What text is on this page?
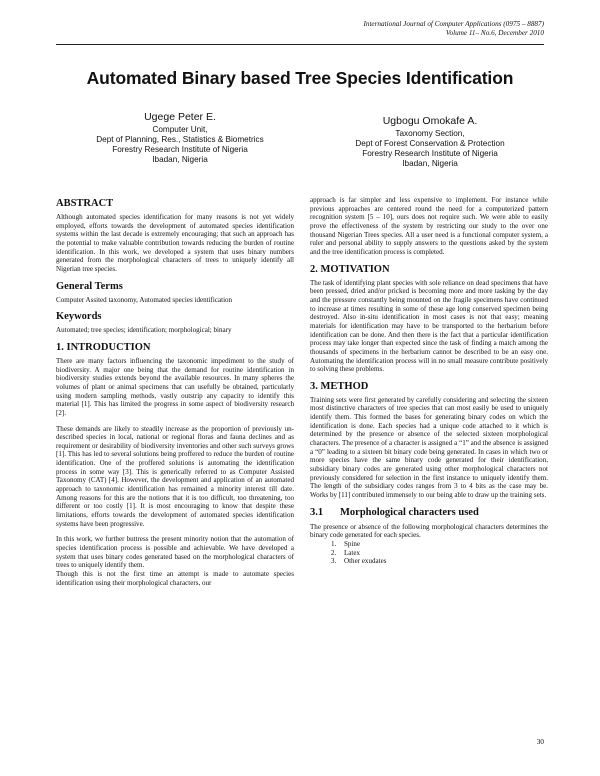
International Journal of Computer Applications (0975 – 8887)
Volume 11– No.6, December 2010
Automated Binary based Tree Species Identification
Ugege Peter E.
Computer Unit,
Dept of Planning, Res., Statistics & Biometrics
Forestry Research Institute of Nigeria
Ibadan, Nigeria
Ugbogu Omokafe A.
Taxonomy Section,
Dept of Forest Conservation & Protection
Forestry Research Institute of Nigeria
Ibadan, Nigeria
ABSTRACT

Although automated species identification for many reasons is not yet widely employed, efforts towards the development of automated species identification systems within the last decade is extremely encouraging; that such an approach has the potential to make valuable contribution towards reducing the burden of routine identification. In this work, we developed a system that uses binary numbers generated from the morphological characters of trees to uniquely identify all Nigerian tree species.

General Terms

Computer Assited taxonomy, Automated species identification

Keywords

Automated; tree species; identification; morphological; binary

1. INTRODUCTION

There are many factors influencing the taxonomic impediment to the study of biodiversity. A major one being that the demand for routine identification in biodiversity studies extends beyond the available resources. In many spheres the volumes of plant or animal specimens that can usefully be obtained, particularly using modern sampling methods, vastly outstrip any capacity to identify this material [1]. This has limited the progress in some aspect of biodiversity research [2].

These demands are likely to steadily increase as the proportion of previously un-described species in local, national or regional floras and fauna declines and as requirement or desirability of biodiversity inventories and other such surveys grows [1]. This has led to several solutions being proffered to reduce the burden of routine identification. One of the proffered solutions is automating the identification process in some way [3]. This is generically referred to as Computer Assisted Taxonomy (CAT) [4]. However, the development and application of an automated approach to taxonomic identification has remained a minority interest till date. Among reasons for this are the notions that it is too difficult, too threatening, too different or too costly [1]. It is most encouraging to know that despite these limitations, efforts towards the development of automated species identification systems have been progressive.

In this work, we further buttress the present minority notion that the automation of species identification process is possible and achievable. We have developed a system that uses binary codes generated based on the morphological characters of trees to uniquely identify them.

Though this is not the first time an attempt is made to automate species identification using their morphological characters, our

approach is far simpler and less expensive to implement. For instance while previous approaches are centered round the need for a computerized pattern recognition system [5 – 10], ours does not require such. We were able to easily prove the effectiveness of the system by restricting our study to the over one thousand Nigerian Trees species. All a user need is a functional computer system, a ruler and personal ability to supply answers to the questions asked by the system and the tree identification process is completed.

2. MOTIVATION

The task of identifying plant species with sole reliance on dead specimens that have been pressed, dried and/or pricked is becoming more and more tasking by the day and the pressure constantly being mounted on the fragile specimens have continued to increase at times resulting in some of these age long conserved specimen being destroyed. Also in-situ identification in most cases is not that easy; meaning materials for identification may have to be transported to the herbarium before identification can be done. And then there is the fact that a particular identification process may take longer than expected since the task of finding a match among the thousands of specimens in the herbarium cannot be described to be an easy one. Automating the identification process will in no small measure contribute positively to solving these problems.

3. METHOD

Training sets were first generated by carefully considering and selecting the sixteen most distinctive characters of tree species that can most easily be used to uniquely identify them. This formed the bases for generating binary codes on which the identification is done. Each species had a unique code attached to it which is determined by the presence or absence of the selected sixteen morphological characters. The presence of a character is assigned a “1” and the absence is assigned a “0” leading to a sixteen bit binary code being generated. In cases in which two or more species have the same binary code generated for their identification, subsidiary binary codes are generated using other morphological characters not previously considered for selection in the first instance to uniquely identify them. The length of the subsidiary codes ranges from 3 to 4 bits as the case may be. Works by [11] contributed immensely to our being able to draw up the training sets.

3.1 Morphological characters used

The presence or absence of the following morphological characters determines the binary code generated for each species.

1. Spine
2. Latex
3. Other exudates
30
